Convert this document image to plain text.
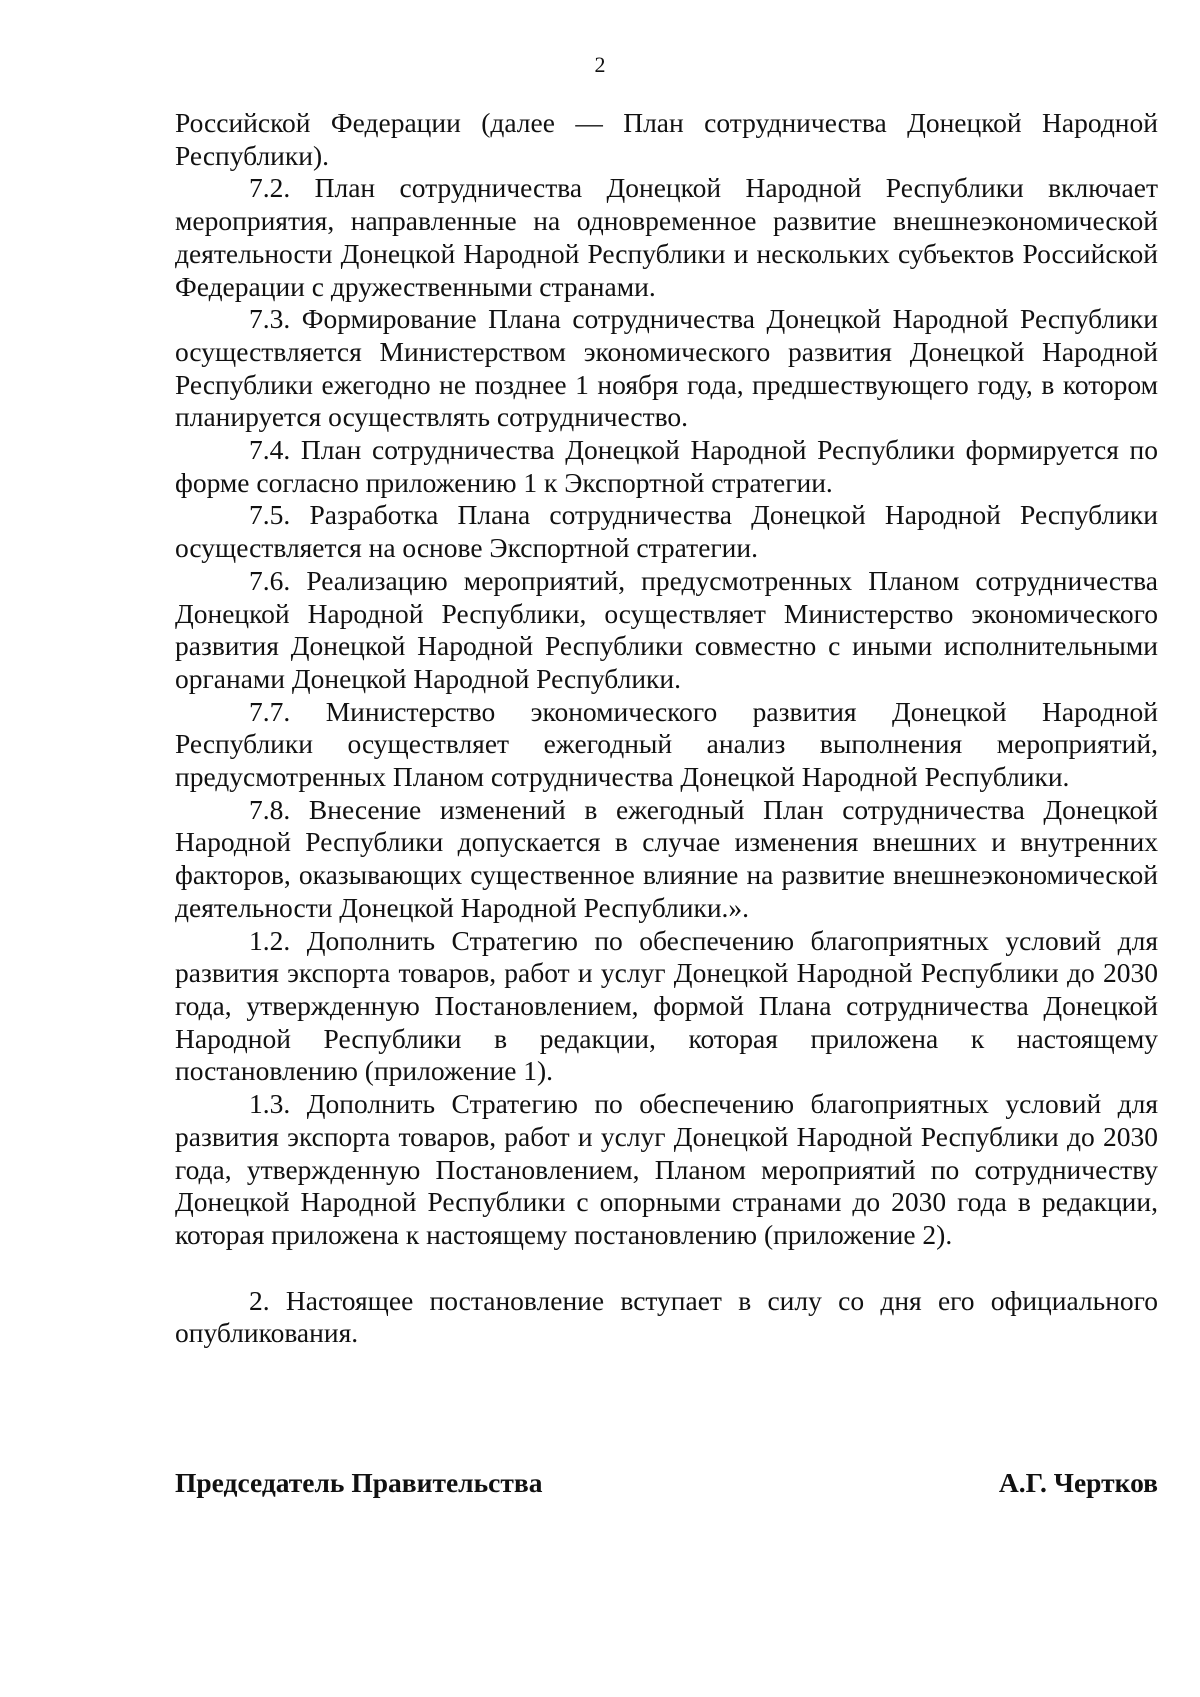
2

Российской Федерации (далее — План сотрудничества Донецкой Народной Республики).

7.2. План сотрудничества Донецкой Народной Республики включает мероприятия, направленные на одновременное развитие внешнеэкономической деятельности Донецкой Народной Республики и нескольких субъектов Российской Федерации с дружественными странами.

7.3. Формирование Плана сотрудничества Донецкой Народной Республики осуществляется Министерством экономического развития Донецкой Народной Республики ежегодно не позднее 1 ноября года, предшествующего году, в котором планируется осуществлять сотрудничество.

7.4. План сотрудничества Донецкой Народной Республики формируется по форме согласно приложению 1 к Экспортной стратегии.

7.5. Разработка Плана сотрудничества Донецкой Народной Республики осуществляется на основе Экспортной стратегии.

7.6. Реализацию мероприятий, предусмотренных Планом сотрудничества Донецкой Народной Республики, осуществляет Министерство экономического развития Донецкой Народной Республики совместно с иными исполнительными органами Донецкой Народной Республики.

7.7. Министерство экономического развития Донецкой Народной Республики осуществляет ежегодный анализ выполнения мероприятий, предусмотренных Планом сотрудничества Донецкой Народной Республики.

7.8. Внесение изменений в ежегодный План сотрудничества Донецкой Народной Республики допускается в случае изменения внешних и внутренних факторов, оказывающих существенное влияние на развитие внешнеэкономической деятельности Донецкой Народной Республики.».

1.2. Дополнить Стратегию по обеспечению благоприятных условий для развития экспорта товаров, работ и услуг Донецкой Народной Республики до 2030 года, утвержденную Постановлением, формой Плана сотрудничества Донецкой Народной Республики в редакции, которая приложена к настоящему постановлению (приложение 1).

1.3. Дополнить Стратегию по обеспечению благоприятных условий для развития экспорта товаров, работ и услуг Донецкой Народной Республики до 2030 года, утвержденную Постановлением, Планом мероприятий по сотрудничеству Донецкой Народной Республики с опорными странами до 2030 года в редакции, которая приложена к настоящему постановлению (приложение 2).

2. Настоящее постановление вступает в силу со дня его официального опубликования.

Председатель Правительства	А.Г. Чертков
